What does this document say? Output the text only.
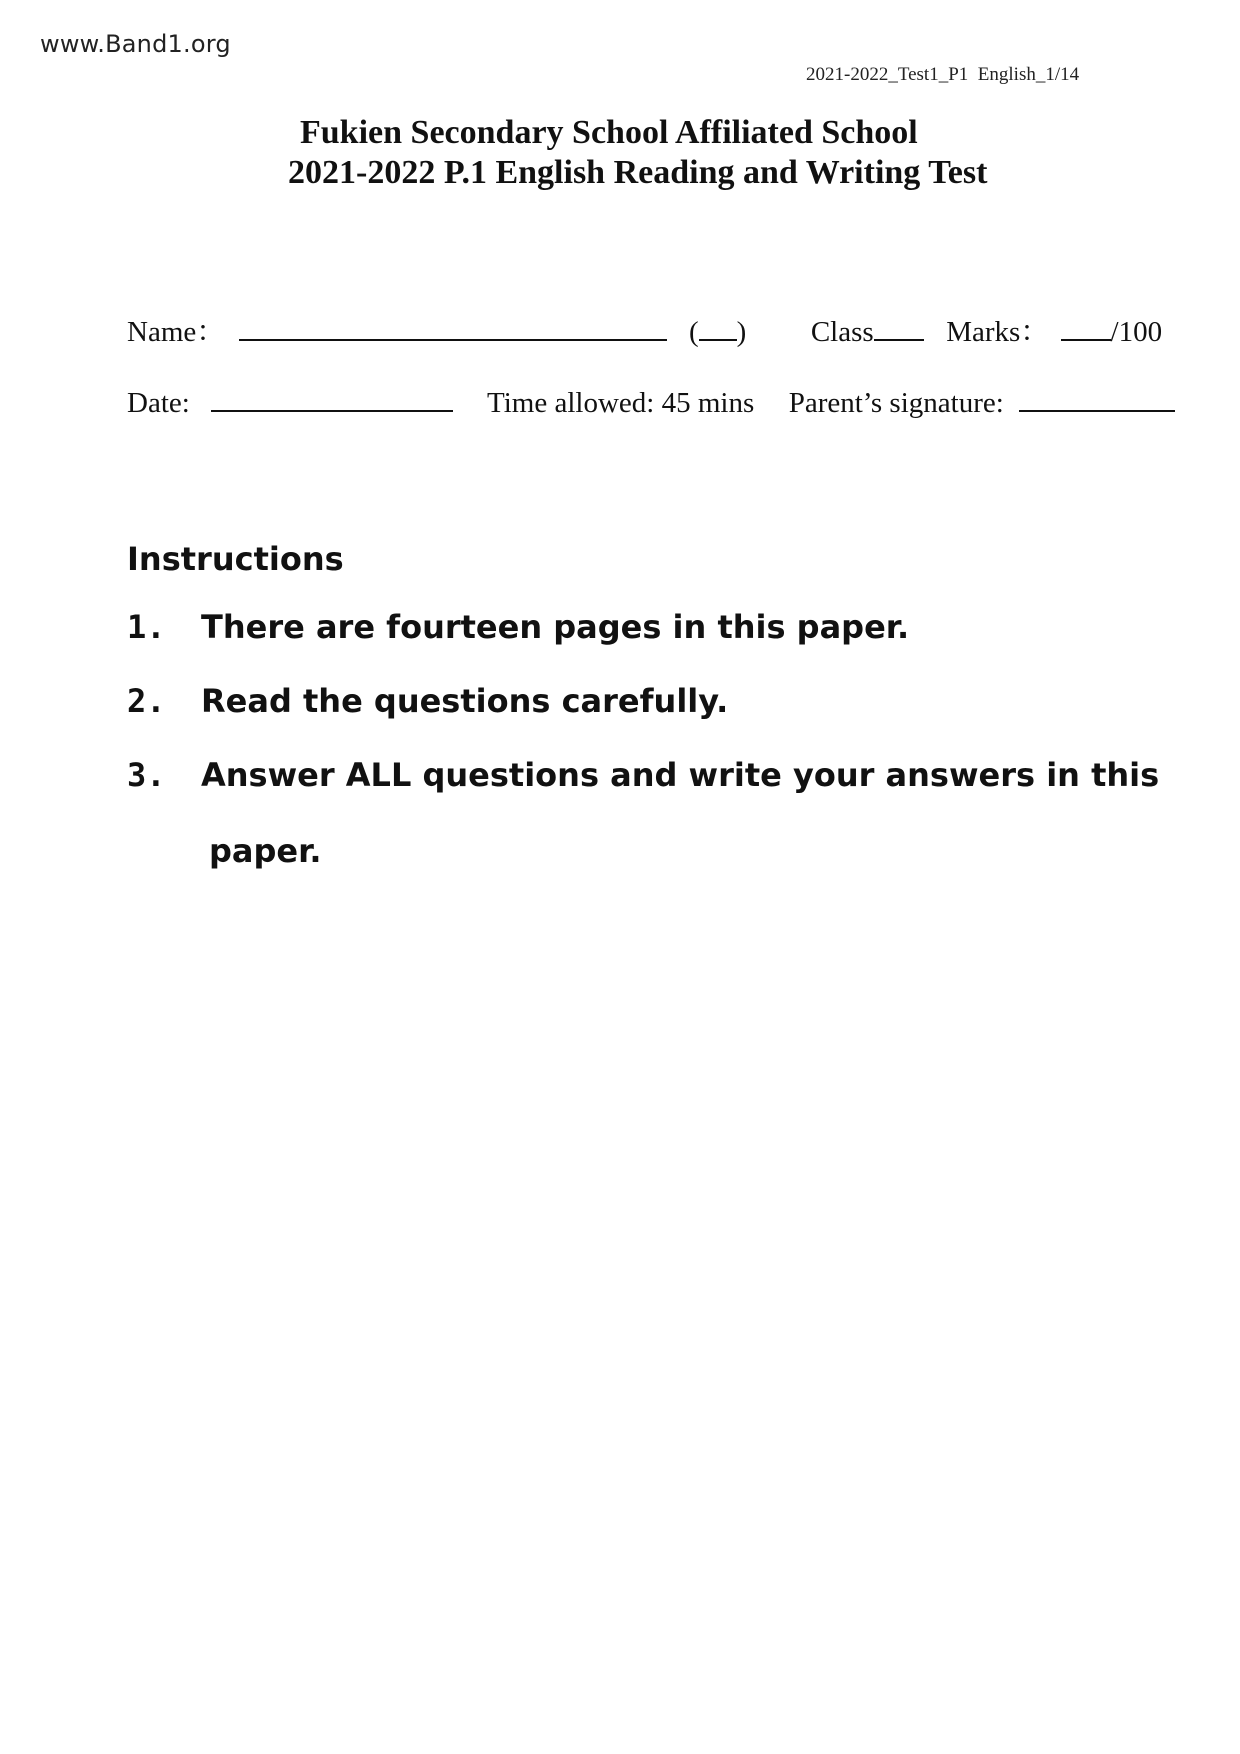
www.Band1.org
2021-2022_Test1_P1  English_1/14
Fukien Secondary School Affiliated School
2021-2022 P.1 English Reading and Writing Test
Name：	( ) Class	Marks： /100
Date:	Time allowed: 45 mins Parent’s signature:
Instructions
1. There are fourteen pages in this paper.
2. Read the questions carefully.
3. Answer ALL questions and write your answers in this
paper.
